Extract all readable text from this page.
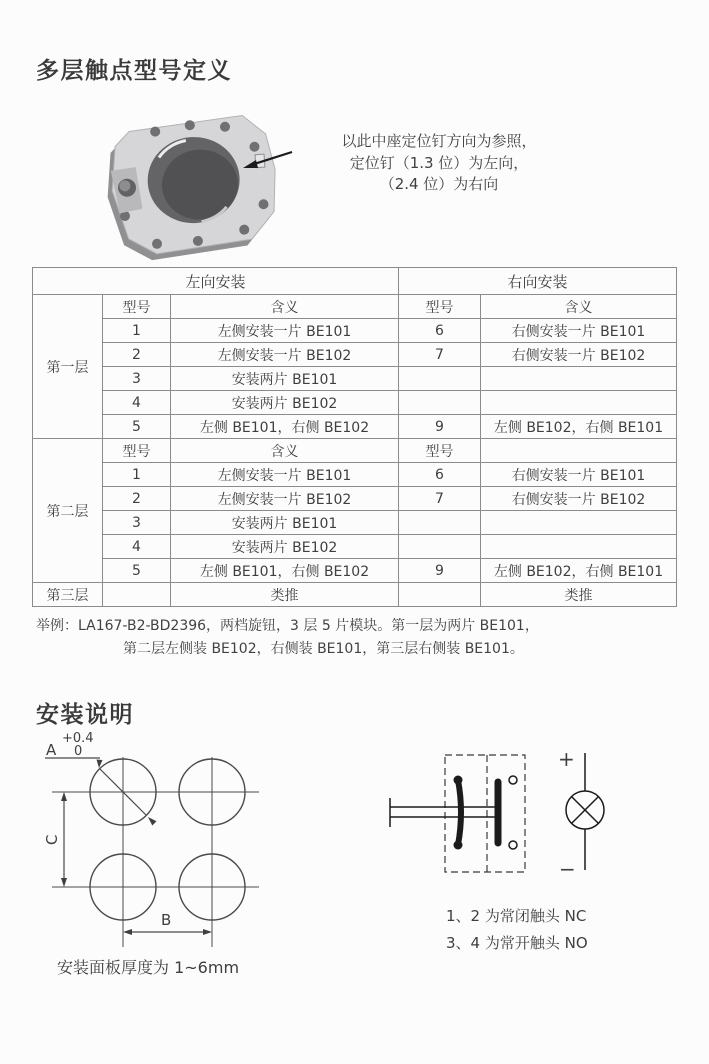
多层触点型号定义
以此中座定位钉方向为参照，
定位钉（1.3 位）为左向，
（2.4 位）为右向
左向安装			右向安装	
第一层	型号	含义	型号	含义
	1	左侧安装一片 BE101	6	右侧安装一片 BE101
	2	左侧安装一片 BE102	7	右侧安装一片 BE102
	3	安装两片 BE101		
	4	安装两片 BE102		
	5	左侧 BE101，右侧 BE102	9	左侧 BE102，右侧 BE101
第二层	型号	含义	型号	
	1	左侧安装一片 BE101	6	右侧安装一片 BE101
	2	左侧安装一片 BE102	7	右侧安装一片 BE102
	3	安装两片 BE101		
	4	安装两片 BE102		
	5	左侧 BE101，右侧 BE102	9	左侧 BE102，右侧 BE101
第三层		类推		类推
举例：LA167-B2-BD2396，两档旋钮，3 层 5 片模块。第一层为两片 BE101，
第二层左侧装 BE102，右侧装 BE101，第三层右侧装 BE101。
安装说明
A
+0.4
0
C
B
安装面板厚度为 1~6mm
+
−
1、2 为常闭触头 NC
3、4 为常开触头 NO
